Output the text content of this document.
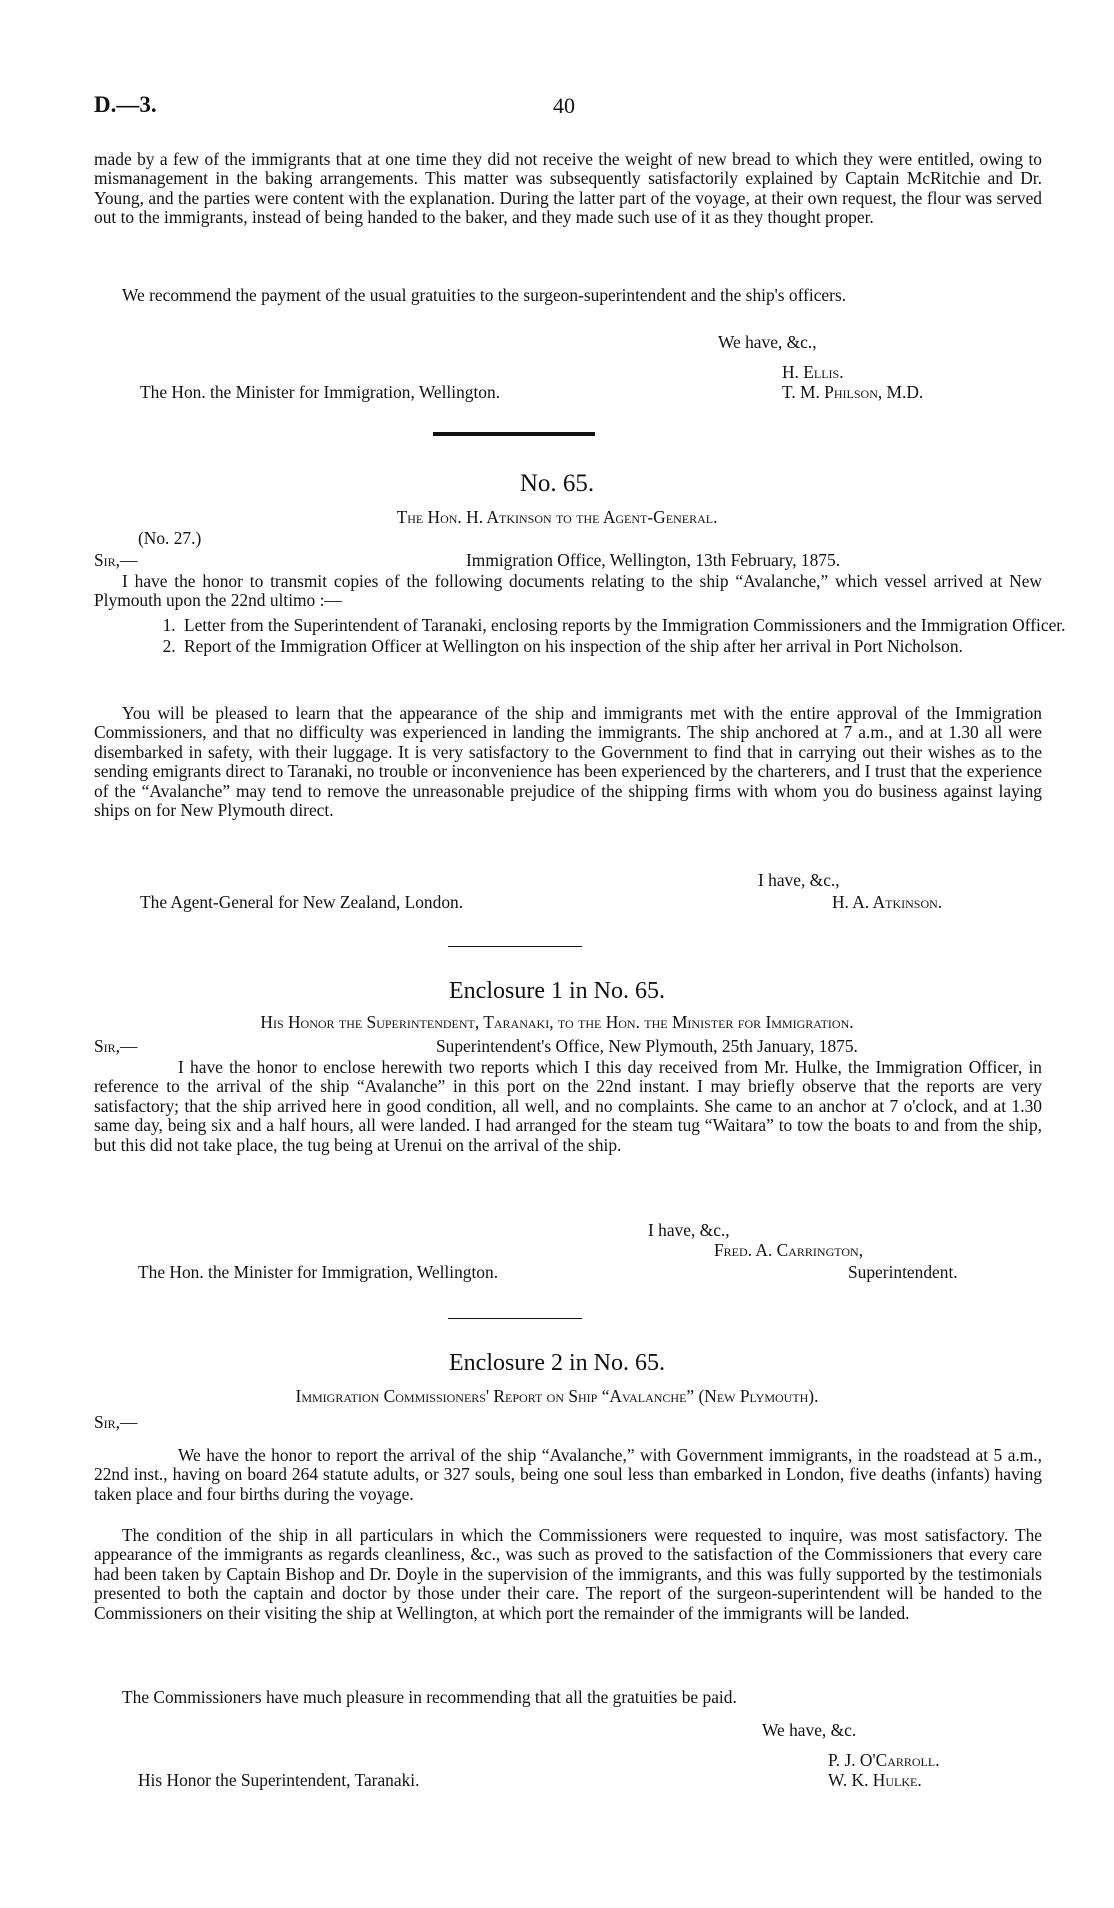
D.—3.	40
made by a few of the immigrants that at one time they did not receive the weight of new bread to which they were entitled, owing to mismanagement in the baking arrangements. This matter was subsequently satisfactorily explained by Captain McRitchie and Dr. Young, and the parties were content with the explanation. During the latter part of the voyage, at their own request, the flour was served out to the immigrants, instead of being handed to the baker, and they made such use of it as they thought proper.
We recommend the payment of the usual gratuities to the surgeon-superintendent and the ship's officers.
We have, &c.,
H. Ellis.
The Hon. the Minister for Immigration, Wellington.	T. M. Philson, M.D.
No. 65.
The Hon. H. Atkinson to the Agent-General.
(No. 27.)
Sir,—	Immigration Office, Wellington, 13th February, 1875.
I have the honor to transmit copies of the following documents relating to the ship “Avalanche,” which vessel arrived at New Plymouth upon the 22nd ultimo :—
1. Letter from the Superintendent of Taranaki, enclosing reports by the Immigration Commissioners and the Immigration Officer.
2. Report of the Immigration Officer at Wellington on his inspection of the ship after her arrival in Port Nicholson.
You will be pleased to learn that the appearance of the ship and immigrants met with the entire approval of the Immigration Commissioners, and that no difficulty was experienced in landing the immigrants. The ship anchored at 7 a.m., and at 1.30 all were disembarked in safety, with their luggage. It is very satisfactory to the Government to find that in carrying out their wishes as to the sending emigrants direct to Taranaki, no trouble or inconvenience has been experienced by the charterers, and I trust that the experience of the “Avalanche” may tend to remove the unreasonable prejudice of the shipping firms with whom you do business against laying ships on for New Plymouth direct.
I have, &c.,
The Agent-General for New Zealand, London.	H. A. Atkinson.
Enclosure 1 in No. 65.
His Honor the Superintendent, Taranaki, to the Hon. the Minister for Immigration.
Sir,—	Superintendent's Office, New Plymouth, 25th January, 1875.
I have the honor to enclose herewith two reports which I this day received from Mr. Hulke, the Immigration Officer, in reference to the arrival of the ship “Avalanche” in this port on the 22nd instant. I may briefly observe that the reports are very satisfactory; that the ship arrived here in good condition, all well, and no complaints. She came to an anchor at 7 o'clock, and at 1.30 same day, being six and a half hours, all were landed. I had arranged for the steam tug “Waitara” to tow the boats to and from the ship, but this did not take place, the tug being at Urenui on the arrival of the ship.
I have, &c.,
Fred. A. Carrington,
The Hon. the Minister for Immigration, Wellington.	Superintendent.
Enclosure 2 in No. 65.
Immigration Commissioners' Report on Ship “Avalanche” (New Plymouth).
Sir,—
We have the honor to report the arrival of the ship “Avalanche,” with Government immigrants, in the roadstead at 5 a.m., 22nd inst., having on board 264 statute adults, or 327 souls, being one soul less than embarked in London, five deaths (infants) having taken place and four births during the voyage.
The condition of the ship in all particulars in which the Commissioners were requested to inquire, was most satisfactory. The appearance of the immigrants as regards cleanliness, &c., was such as proved to the satisfaction of the Commissioners that every care had been taken by Captain Bishop and Dr. Doyle in the supervision of the immigrants, and this was fully supported by the testimonials presented to both the captain and doctor by those under their care. The report of the surgeon-superintendent will be handed to the Commissioners on their visiting the ship at Wellington, at which port the remainder of the immigrants will be landed.
The Commissioners have much pleasure in recommending that all the gratuities be paid.
We have, &c.
P. J. O'Carroll.
His Honor the Superintendent, Taranaki.	W. K. Hulke.
